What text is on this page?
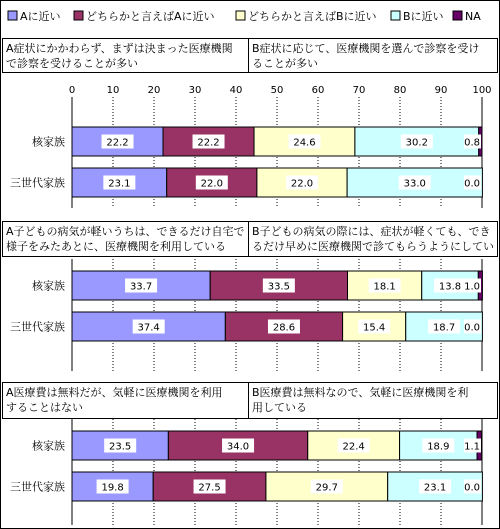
Aに近い どちらかと言えばAに近い	どちらかと言えばBに近い Bに近い NA
0	10	20	30	40	50	60	70	80	90	100
A症状にかかわらず、まずは決まった医療機関
で診察を受けることが多い
B症状に応じて、医療機関を選んで診察を受け
ることが多い
核家族	22.2	22.2	24.6	30.2	0.8
三世代家族	23.1	22.0	22.0	33.0	0.0
A子どもの病気が軽いうちは、できるだけ自宅で
様子をみたあとに、医療機関を利用している
B子どもの病気の際には、症状が軽くても、でき
るだけ早めに医療機関で診てもらうようにしてい
核家族	33.7	33.5	18.1	13.8 1.0
三世代家族	37.4	28.6	15.4	18.7 0.0
A医療費は無料だが、気軽に医療機関を利用
することはない
B医療費は無料なので、気軽に医療機関を利
用している
核家族	23.5	34.0	22.4	18.9 1.1
三世代家族	19.8	27.5	29.7	23.1 0.0
